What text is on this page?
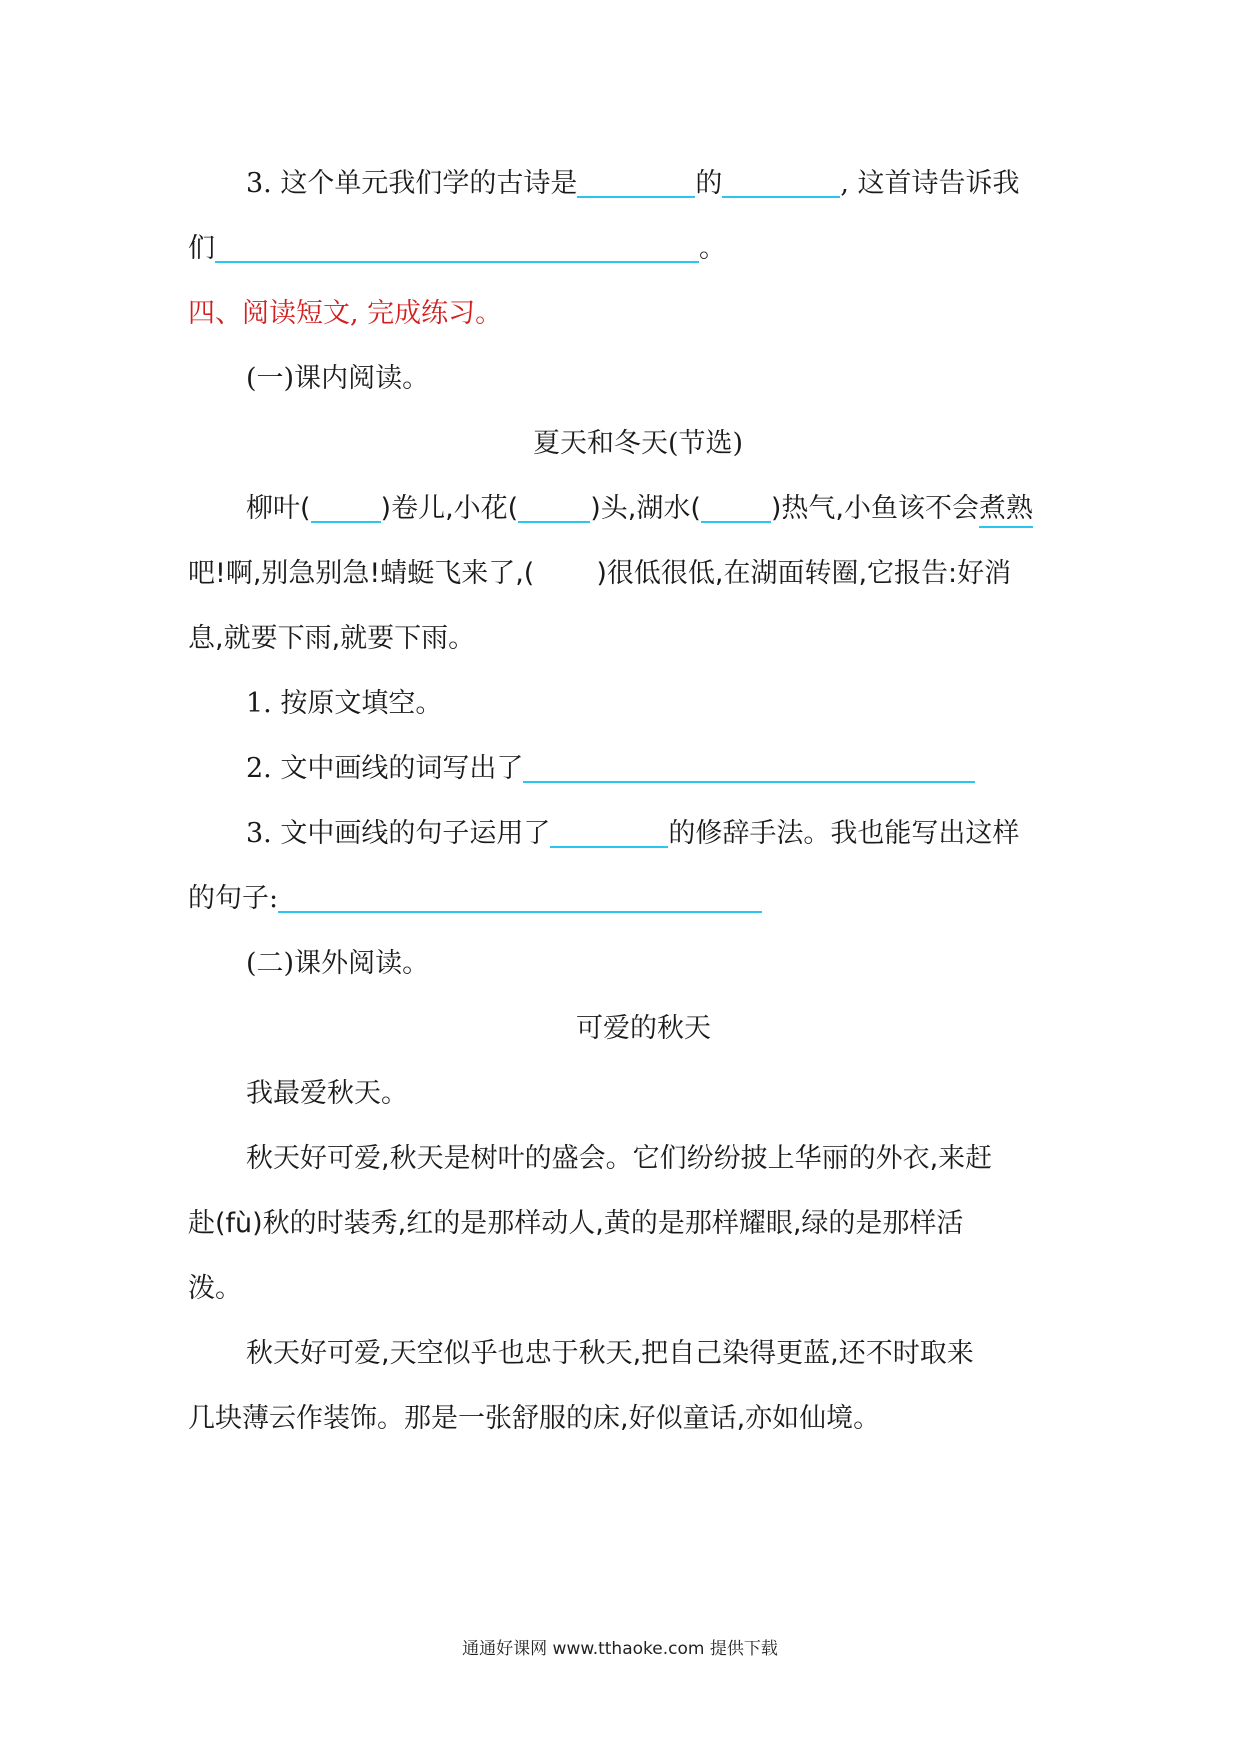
3. 这个单元我们学的古诗是	的	, 这首诗告诉我
们	。
四、阅读短文, 完成练习。
(一)课内阅读。
夏天和冬天(节选)
柳叶(	)卷儿,小花(	)头,湖水(	)热气,小鱼该不会煮熟
吧!啊,别急别急!蜻蜓飞来了,( )很低很低,在湖面转圈,它报告:好消
息,就要下雨,就要下雨。
1. 按原文填空。
2. 文中画线的词写出了
3. 文中画线的句子运用了	的修辞手法。我也能写出这样
的句子:
(二)课外阅读。
可爱的秋天
我最爱秋天。
秋天好可爱,秋天是树叶的盛会。它们纷纷披上华丽的外衣,来赶
赴(fù)秋的时装秀,红的是那样动人,黄的是那样耀眼,绿的是那样活
泼。
秋天好可爱,天空似乎也忠于秋天,把自己染得更蓝,还不时取来
几块薄云作装饰。那是一张舒服的床,好似童话,亦如仙境。
通通好课网 www.tthaoke.com 提供下载
